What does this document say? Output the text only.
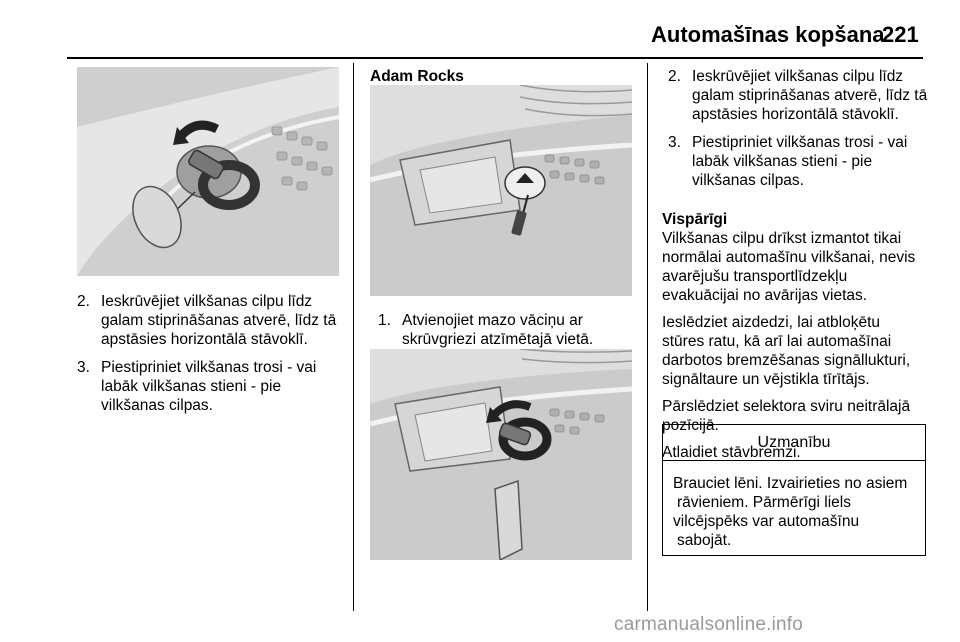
Automašīnas kopšana
221
2. Ieskrūvējiet vilkšanas cilpu līdz
galam stiprināšanas atverē, līdz tā
apstāsies horizontālā stāvoklī.
3. Piestipriniet vilkšanas trosi - vai
labāk vilkšanas stieni - pie
vilkšanas cilpas.
Adam Rocks
1. Atvienojiet mazo vāciņu ar
skrūvgriezi atzīmētajā vietā.
2. Ieskrūvējiet vilkšanas cilpu līdz
galam stiprināšanas atverē, līdz tā
apstāsies horizontālā stāvoklī.
3. Piestipriniet vilkšanas trosi - vai
labāk vilkšanas stieni - pie
vilkšanas cilpas.
Vispārīgi

Vilkšanas cilpu drīkst izmantot tikai
normālai automašīnu vilkšanai, nevis
avarējušu transportlīdzekļu
evakuācijai no avārijas vietas.

Ieslēdziet aizdedzi, lai atbloķētu
stūres ratu, kā arī lai automašīnai
darbotos bremzēšanas signāllukturi,
signāltaure un vējstikla tīrītājs.

Pārslēdziet selektora sviru neitrālajā
pozīcijā.

Atlaidiet stāvbremzi.

Uzmanību
Brauciet lēni. Izvairieties no asiem
rāvieniem. Pārmērīgi liels
vilcējspēks var automašīnu
sabojāt.
carmanualsonline.info
